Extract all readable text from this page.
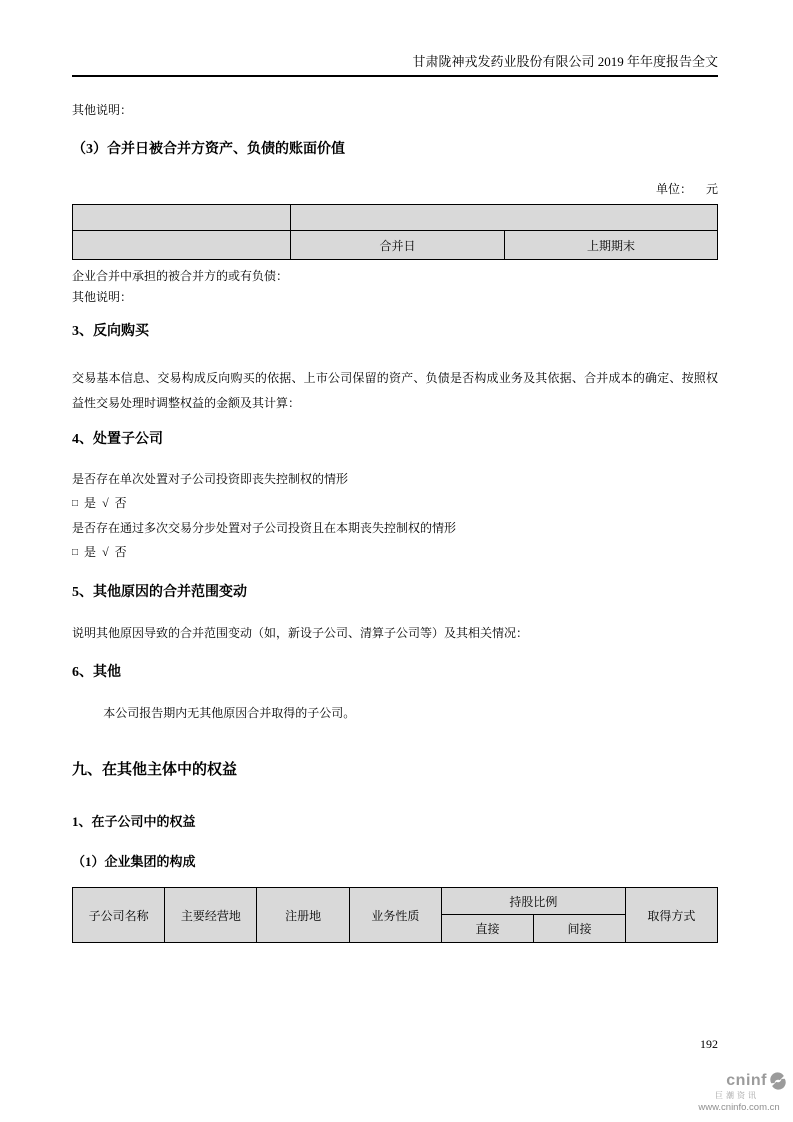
甘肃陇神戎发药业股份有限公司 2019 年年度报告全文
其他说明：
（3）合并日被合并方资产、负债的账面价值
单位： 元

	合并日	上期期末
企业合并中承担的被合并方的或有负债：
其他说明：
3、反向购买
交易基本信息、交易构成反向购买的依据、上市公司保留的资产、负债是否构成业务及其依据、合并成本的确定、按照权益性交易处理时调整权益的金额及其计算：
4、处置子公司
是否存在单次处置对子公司投资即丧失控制权的情形
□ 是 √ 否
是否存在通过多次交易分步处置对子公司投资且在本期丧失控制权的情形
□ 是 √ 否
5、其他原因的合并范围变动
说明其他原因导致的合并范围变动（如，新设子公司、清算子公司等）及其相关情况：
6、其他
本公司报告期内无其他原因合并取得的子公司。
九、在其他主体中的权益
1、在子公司中的权益
（1）企业集团的构成
子公司名称	主要经营地	注册地	业务性质	持股比例		取得方式
				直接	间接	
192
cninf
巨潮资讯
www.cninfo.com.cn
